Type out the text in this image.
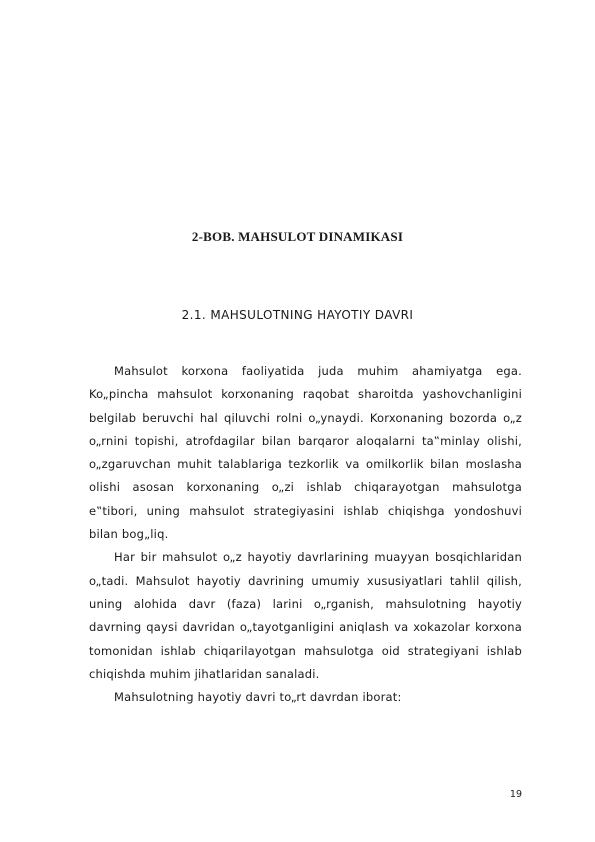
2-BOB. MAHSULOT DINAMIKASI
2.1. MAHSULOTNING HAYOTIY DAVRI

Mahsulot korxona faoliyatida juda muhim ahamiyatga ega. Ko„pincha mahsulot korxonaning raqobat sharoitda yashovchanligini belgilab beruvchi hal qiluvchi rolni o„ynaydi. Korxonaning bozorda o„z o„rnini topishi, atrofdagilar bilan barqaror aloqalarni ta‟minlay olishi, o„zgaruvchan muhit talablariga tezkorlik va omilkorlik bilan moslasha olishi asosan korxonaning o„zi ishlab chiqarayotgan mahsulotga e‟tibori, uning mahsulot strategiyasini ishlab chiqishga yondoshuvi bilan bog„liq.

Har bir mahsulot o„z hayotiy davrlarining muayyan bosqichlaridan o„tadi. Mahsulot hayotiy davrining umumiy xususiyatlari tahlil qilish, uning alohida davr (faza) larini o„rganish, mahsulotning hayotiy davrning qaysi davridan o„tayotganligini aniqlash va xokazolar korxona tomonidan ishlab chiqarilayotgan mahsulotga oid strategiyani ishlab chiqishda muhim jihatlaridan sanaladi.

Mahsulotning hayotiy davri to„rt davrdan iborat:

19
